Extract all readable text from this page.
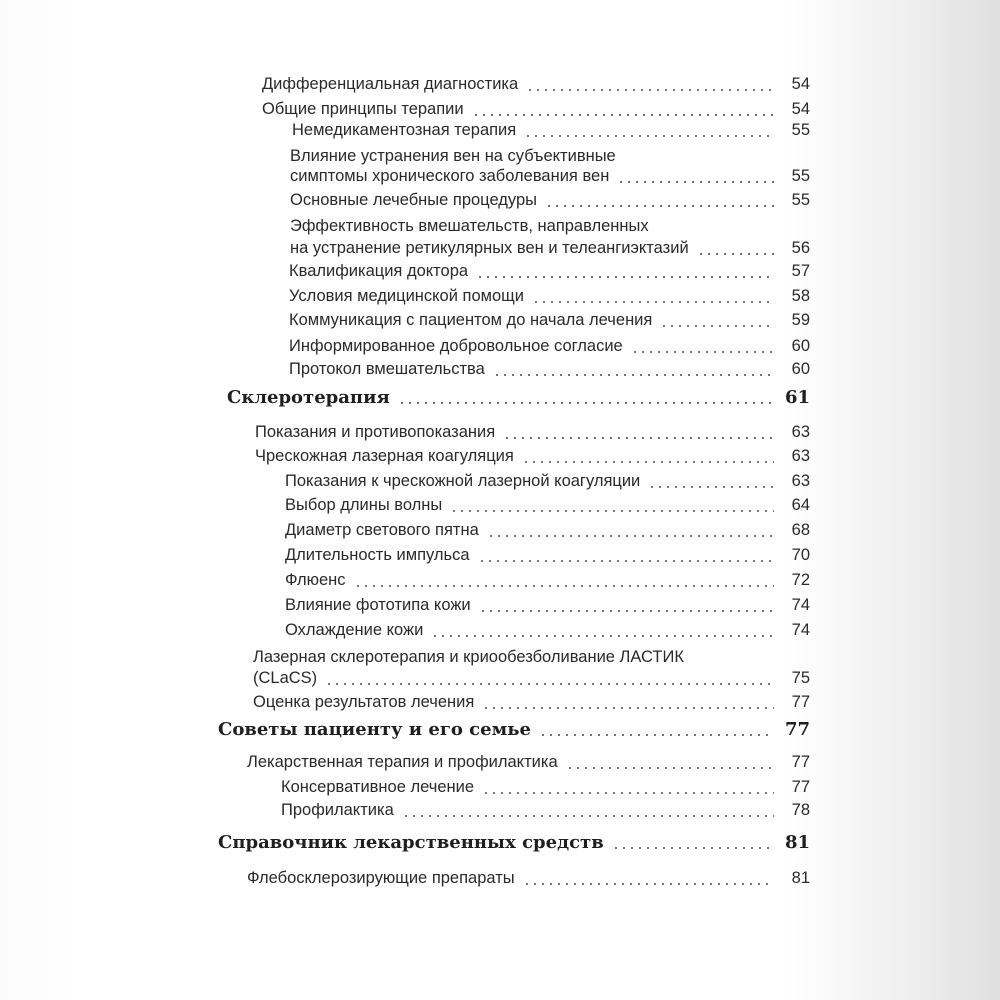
Дифференциальная диагностика	54
Общие принципы терапии	54
Немедикаментозная терапия	55
Влияние устранения вен на субъективные
симптомы хронического заболевания вен	55
Основные лечебные процедуры	55
Эффективность вмешательств, направленных
на устранение ретикулярных вен и телеангиэктазий	56
Квалификация доктора	57
Условия медицинской помощи	58
Коммуникация с пациентом до начала лечения	59
Информированное добровольное согласие	60
Протокол вмешательства	60
Склеротерапия	61
Показания и противопоказания	63
Чрескожная лазерная коагуляция	63
Показания к чрескожной лазерной коагуляции	63
Выбор длины волны	64
Диаметр светового пятна	68
Длительность импульса	70
Флюенс	72
Влияние фототипа кожи	74
Охлаждение кожи	74
Лазерная склеротерапия и криообезболивание ЛАСТИК
(CLaCS)	75
Оценка результатов лечения	77
Советы пациенту и его семье	77
Лекарственная терапия и профилактика	77
Консервативное лечение	77
Профилактика	78
Справочник лекарственных средств	81
Флебосклерозирующие препараты	81
